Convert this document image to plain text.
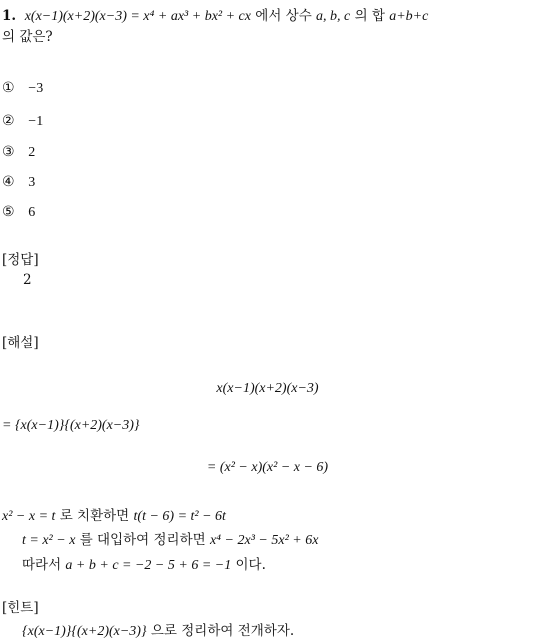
1. x(x−1)(x+2)(x−3) = x⁴ + ax³ + bx² + cx 에서 상수 a, b, c 의 합 a+b+c
의 값은?
① −3
② −1
③ 2
④ 3
⑤ 6
[정답]
2
[해설]
x(x−1)(x+2)(x−3)
= {x(x−1)}{(x+2)(x−3)}
= (x² − x)(x² − x − 6)
x² − x = t 로 치환하면 t(t − 6) = t² − 6t
t = x² − x 를 대입하여 정리하면 x⁴ − 2x³ − 5x² + 6x
따라서 a + b + c = −2 − 5 + 6 = −1 이다.
[힌트]
{x(x−1)}{(x+2)(x−3)} 으로 정리하여 전개하자.
